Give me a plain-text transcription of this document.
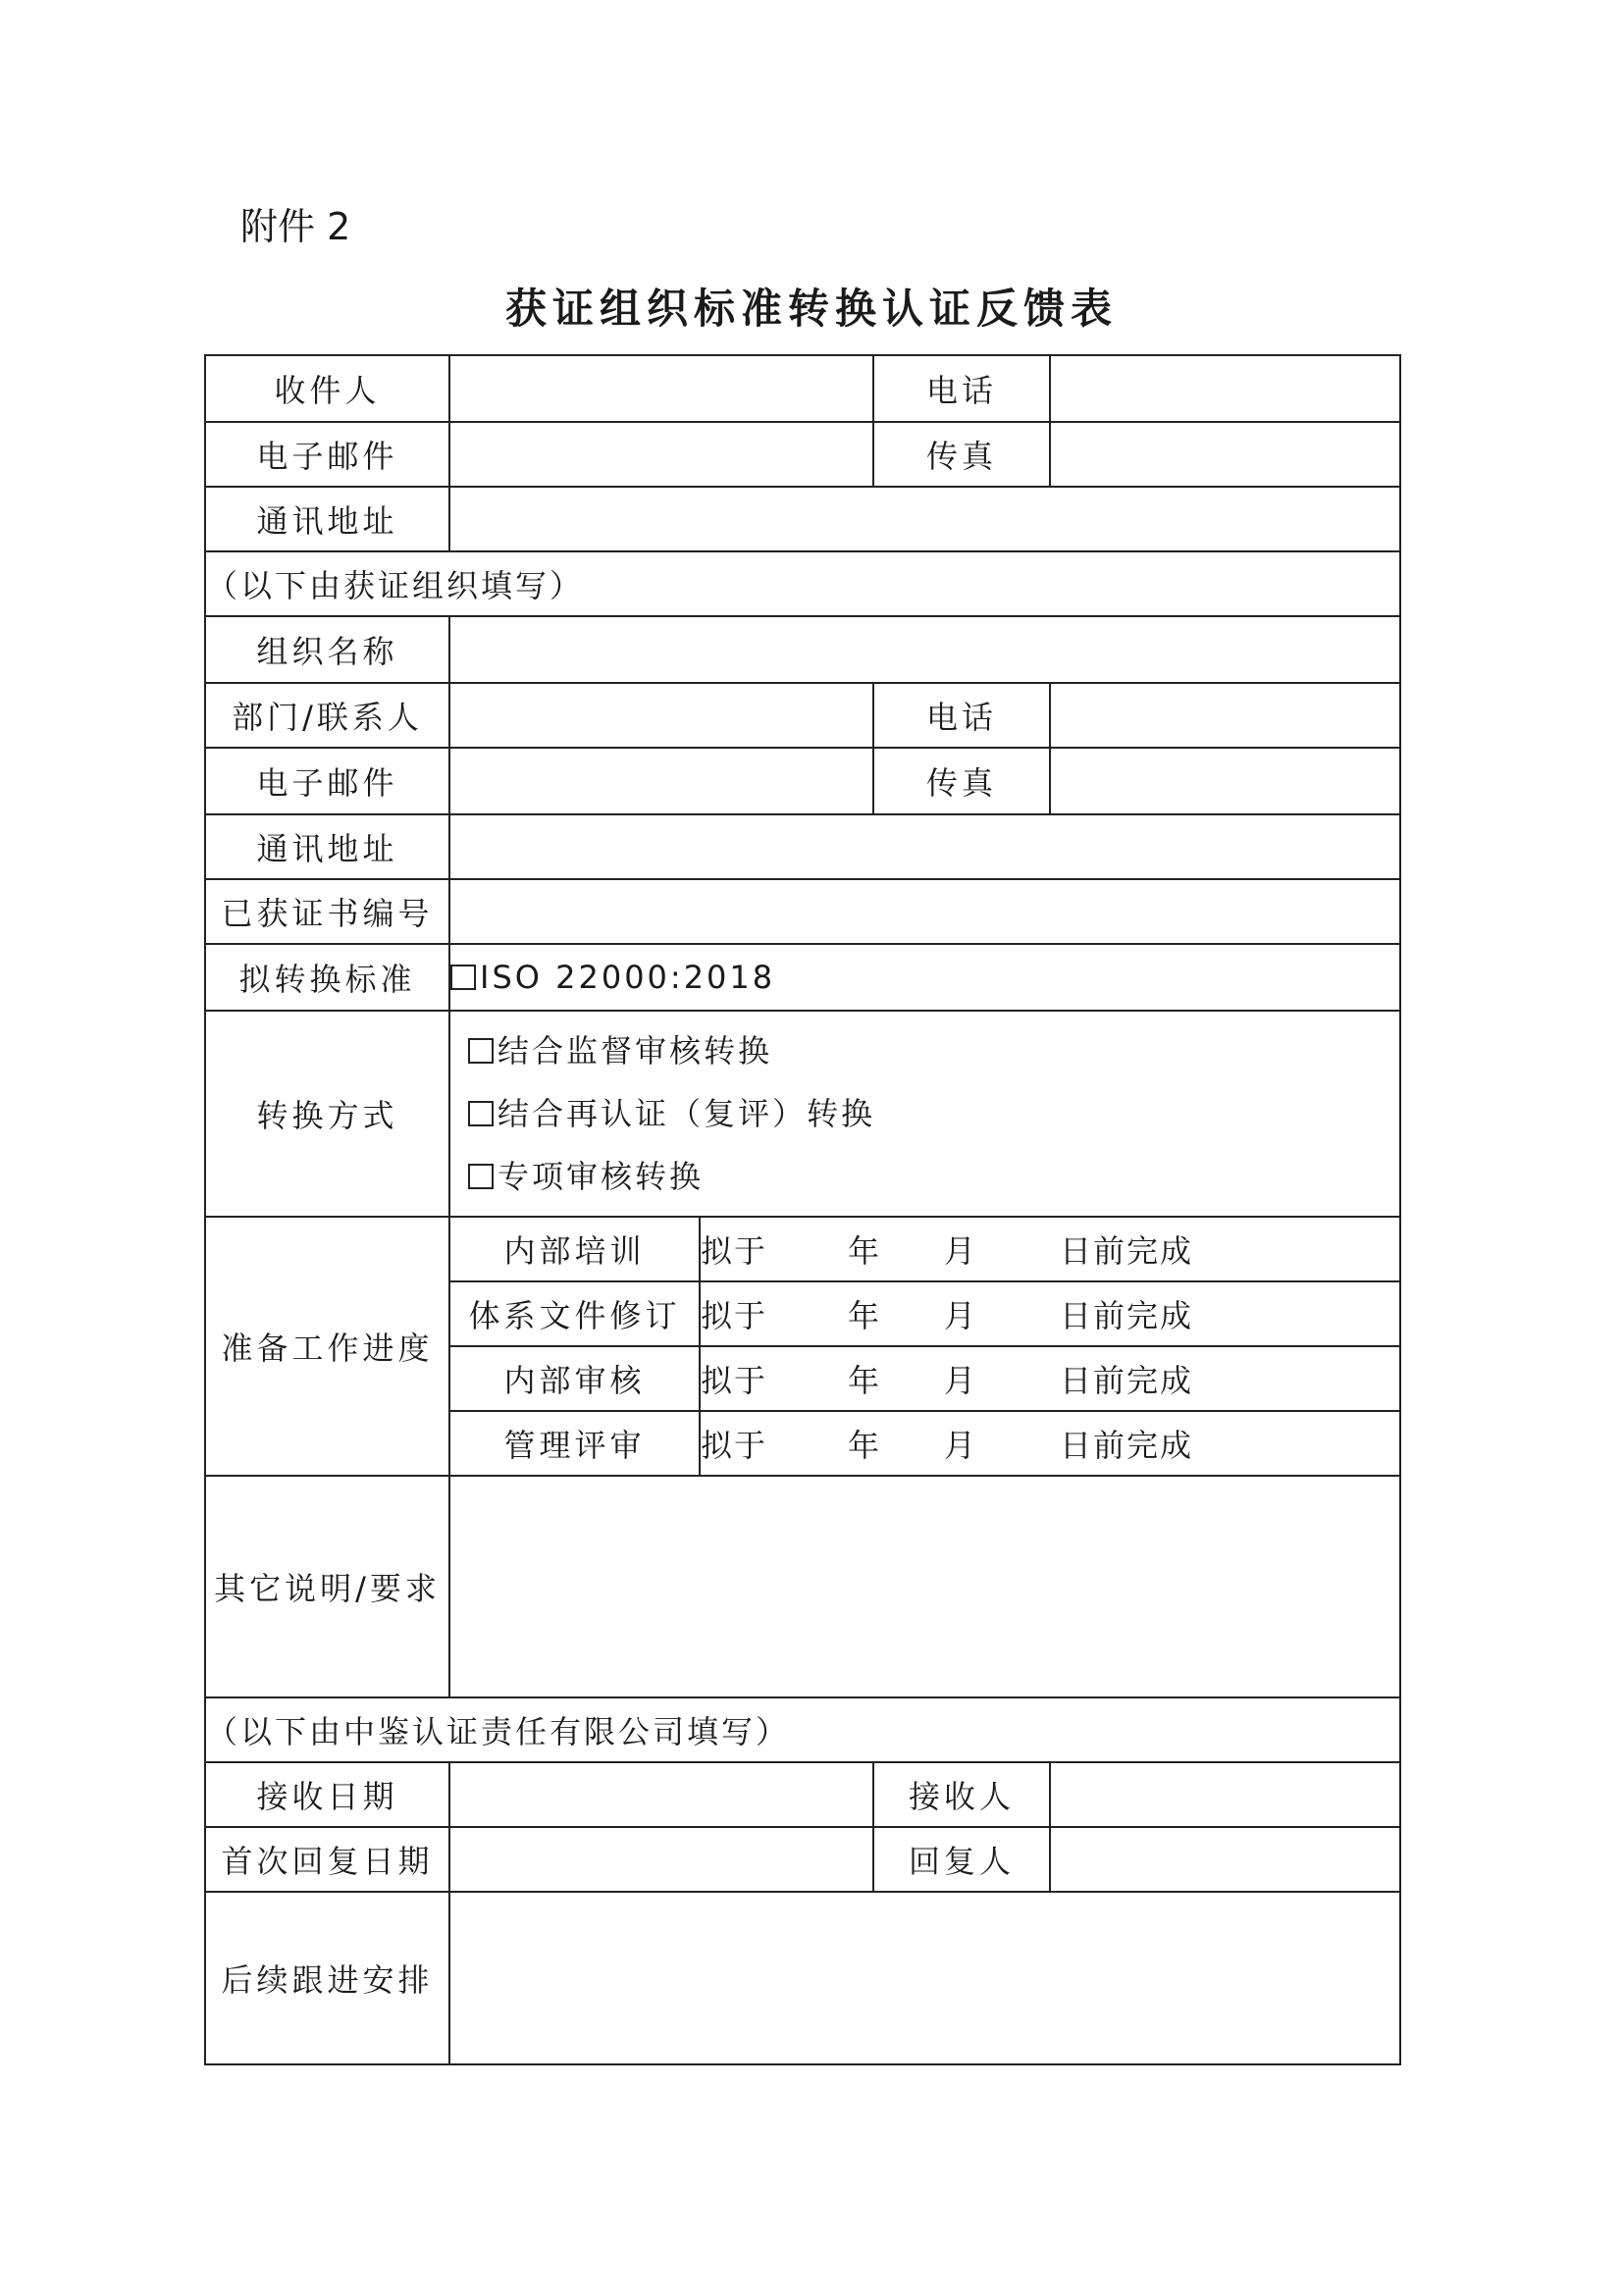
附件 2
获证组织标准转换认证反馈表
收件人			电话	
电子邮件			传真	
通讯地址				
（以下由获证组织填写）				
组织名称				
部门/联系人			电话	
电子邮件			传真	
通讯地址				
已获证书编号				
拟转换标准	ISO 22000:2018			
转换方式	结合监督审核转换
结合再认证（复评）转换
专项审核转换			

准备工作进度	内部培训	拟于 年 月 日前完成		
	体系文件修订	拟于 年 月 日前完成		
	内部审核	拟于 年 月 日前完成		
	管理评审	拟于 年 月 日前完成		
其它说明/要求				
（以下由中鉴认证责任有限公司填写）				
接收日期			接收人	
首次回复日期			回复人	
后续跟进安排				
